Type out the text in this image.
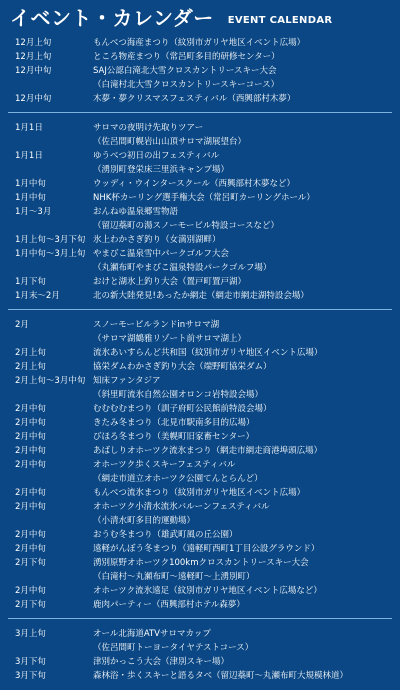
イベント・カレンダー EVENT CALENDAR
12月上旬	もんべつ海産まつり（紋別市ガリヤ地区イベント広場）
12月上旬	ところ物産まつり（常呂町多目的研修センター）
12月中旬	SAJ公認白滝北大雪クロスカントリースキー大会
（白滝村北大雪クロスカントリースキーコース）
12月中旬	木夢・夢クリスマスフェスティバル（西興部村木夢）
1月1日	サロマの夜明け先取りツアー
（佐呂間町幌岩山山頂サロマ湖展望台）
1月1日	ゆうべつ初日の出フェスティバル
（湧別町登栄床三里浜キャンプ場）
1月中旬	ウッディ・ウインタースクール（西興部村木夢など）
1月中旬	NHK杯カーリング選手権大会（常呂町カーリングホール）
1月～3月	おんねゆ温泉郷雪物語
（留辺蘂町の湯スノーモービル特設コースなど）
1月上旬～3月下旬 氷上わかさぎ釣り（女満別湖畔）
1月中旬～3月上旬 やまびこ温泉雪中パークゴルフ大会
（丸瀬布町やまびこ温泉特設パークゴルフ場）
1月下旬	おけと湖氷上釣り大会（置戸町置戸湖）
1月末～2月	北の新大陸発見!あったか網走（網走市網走湖特設会場）
2月	スノーモービルランドinサロマ湖
（サロマ湖鶴雅リゾート前サロマ湖上）
2月上旬	流氷あいすらんど共和国（紋別市ガリヤ地区イベント広場）
2月上旬	協栄ダムわかさぎ釣り大会（端野町協栄ダム）
2月上旬～3月中旬 知床ファンタジア
（斜里町流氷自然公園オロンコ岩特設会場）
2月中旬	むむむむまつり（訓子府町公民館前特設会場）
2月中旬	きたみ冬まつり（北見市駅南多目的広場）
2月中旬	びほろ冬まつり（美幌町旧家畜センター）
2月中旬	あばしりオホーツク流氷まつり（網走市網走商港埠頭広場）
2月中旬	オホーツク歩くスキーフェスティバル
（網走市道立オホーツク公園てんとらんど）
2月中旬	もんべつ流氷まつり（紋別市ガリヤ地区イベント広場）
2月中旬	オホーツク小清水流氷バルーンフェスティバル
（小清水町多目的運動場）
2月中旬	おうむ冬まつり（雄武町風の丘公園）
2月中旬	遠軽がんぼう冬まつり（遠軽町西町1丁目公設グラウンド）
2月下旬	湧別原野オホーツク100kmクロスカントリースキー大会
（白滝村～丸瀬布町～遠軽町～上湧別町）
2月中旬	オホーツク流氷遠足（紋別市ガリヤ地区イベント広場など）
2月下旬	鹿肉パーティー（西興部村ホテル森夢）
3月上旬	オール北海道ATVサロマカップ
（佐呂間町トーヨータイヤテストコース）
3月下旬	津別かっこう大会（津別スキー場）
3月下旬	森林浴・歩くスキーと語るタベ（留辺蘂町～丸瀬布町大規模林道）
